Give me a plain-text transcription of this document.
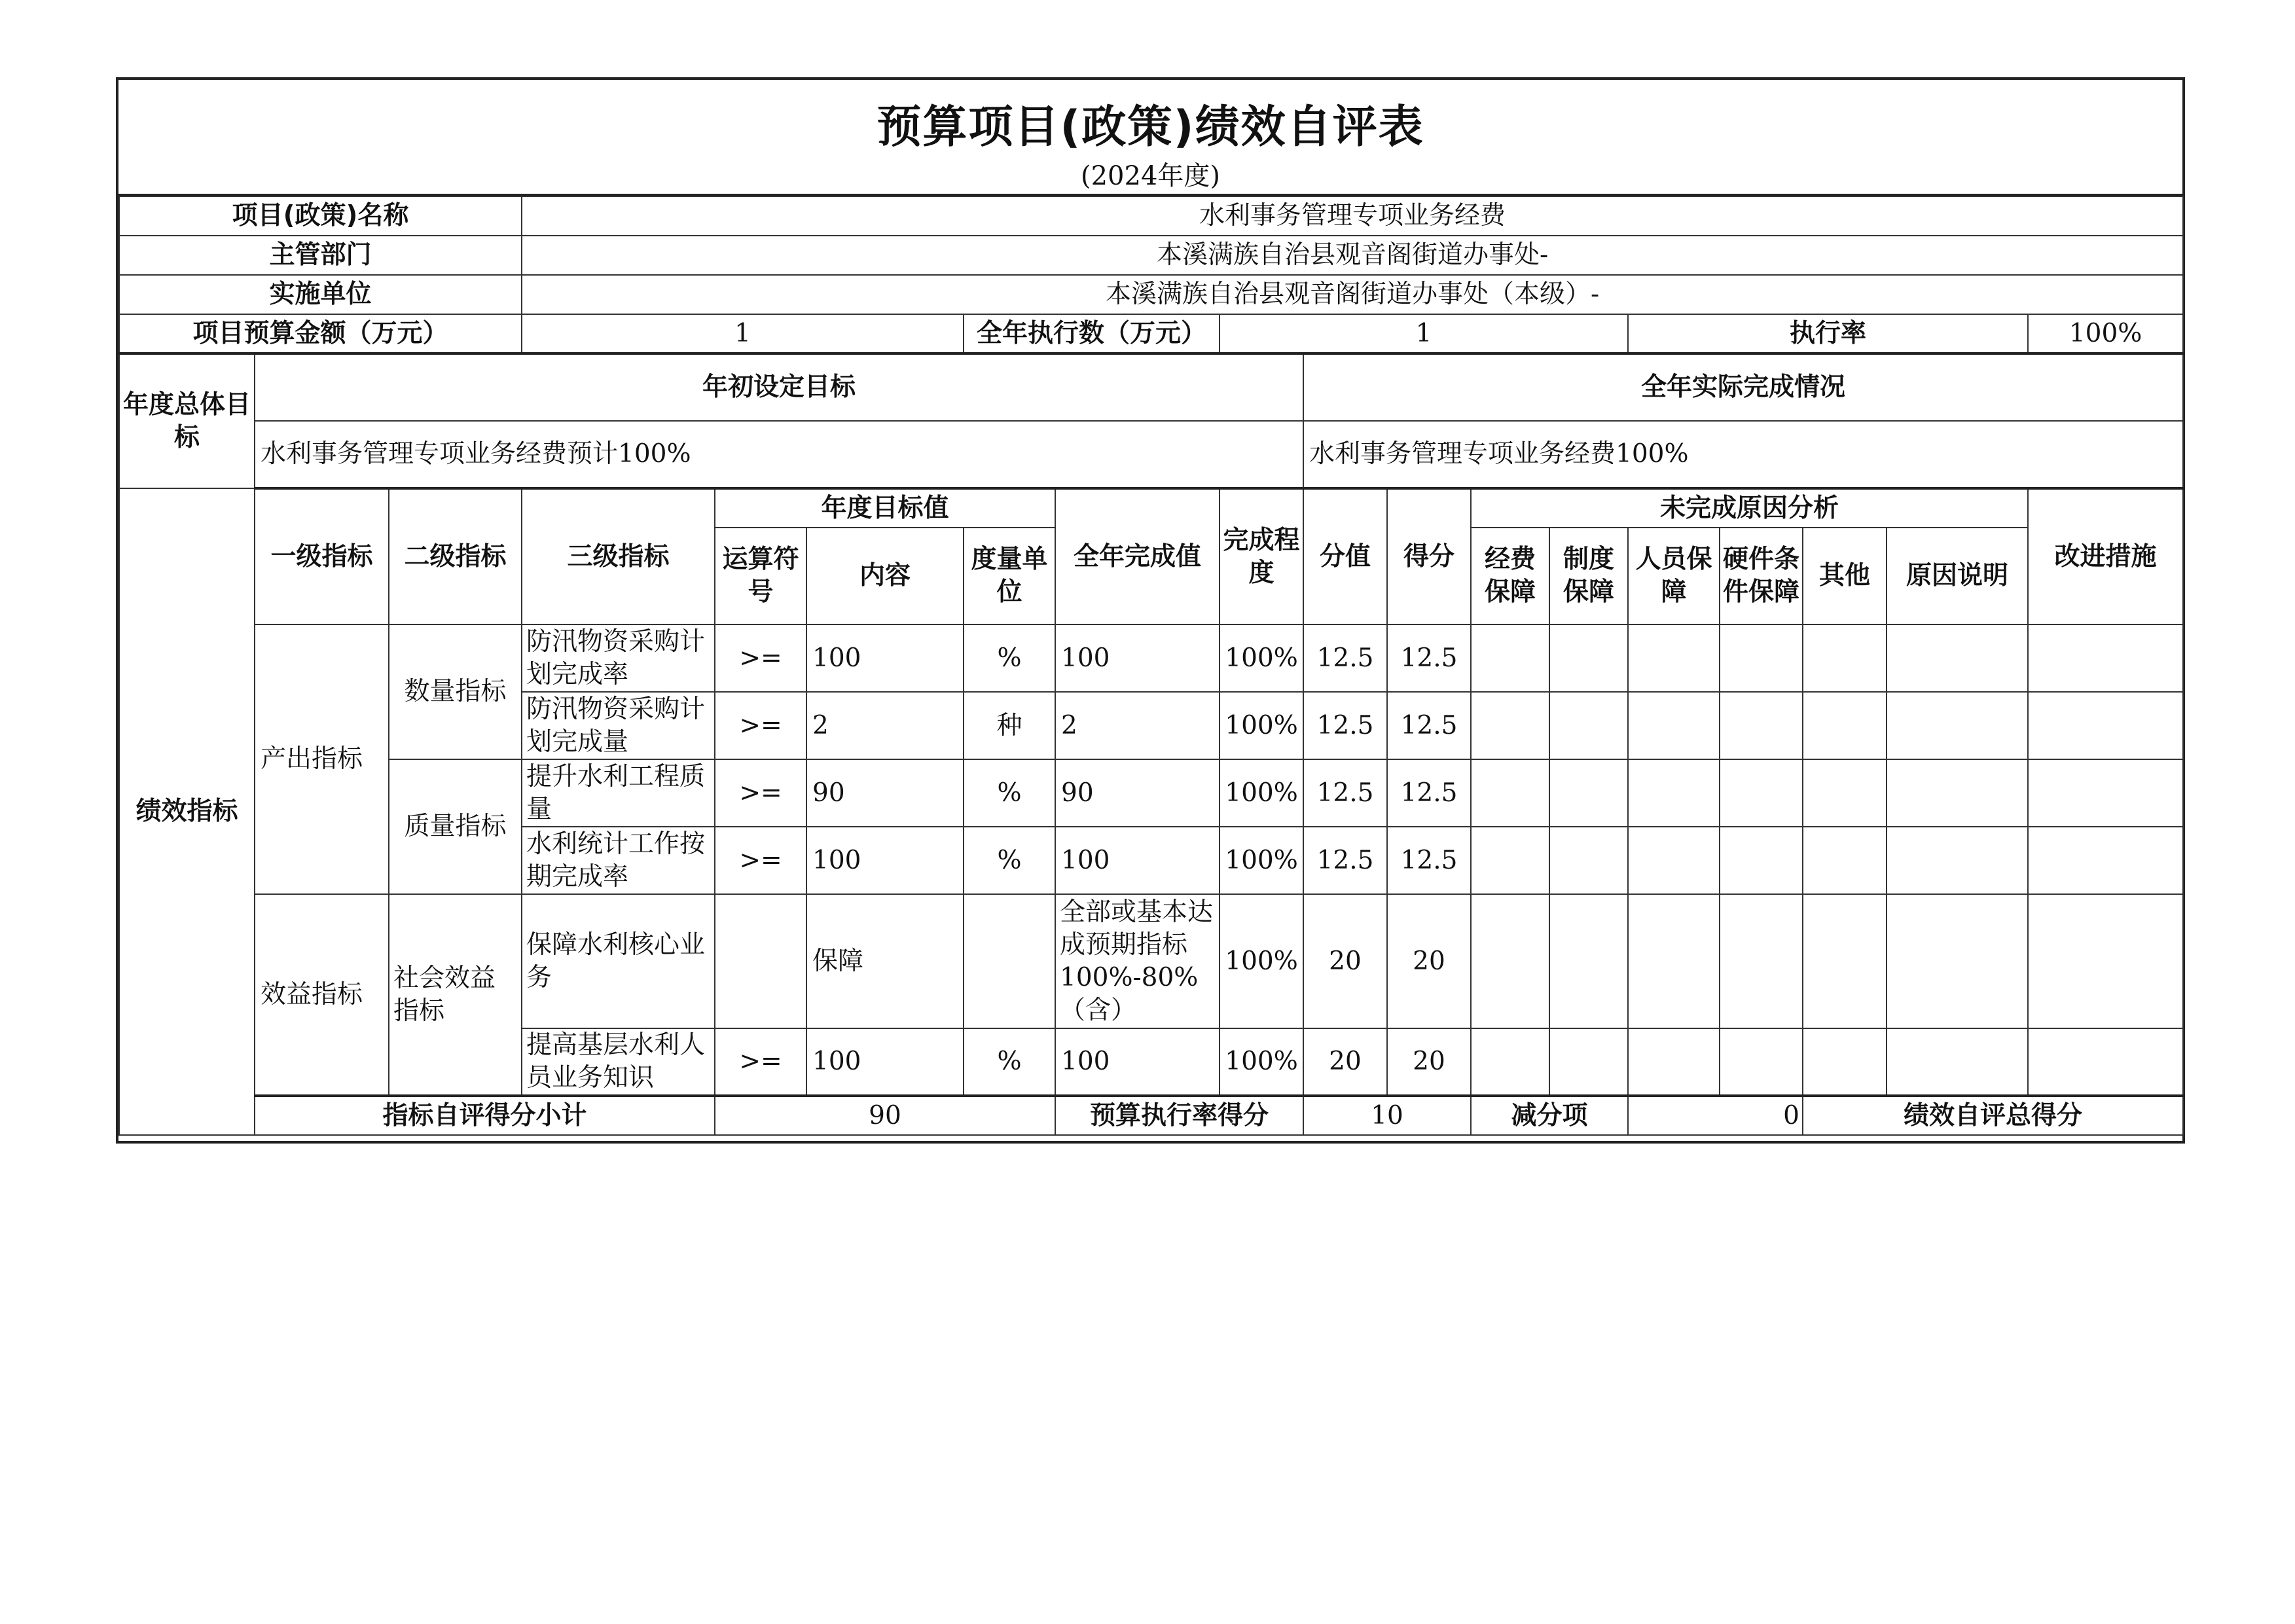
预算项目(政策)绩效自评表
(2024年度)
项目(政策)名称			水利事务管理专项业务经费															
主管部门			本溪满族自治县观音阁街道办事处-															
实施单位			本溪满族自治县观音阁街道办事处（本级）-															
项目预算金额（万元）			1			全年执行数（万元）		1					执行率				100%	
年度总体目标	年初设定目标								全年实际完成情况									
	水利事务管理专项业务经费预计100%								水利事务管理专项业务经费100%									
绩效指标	一级指标	二级指标	三级指标	年度目标值			全年完成值	完成程度	分值	得分	未完成原因分析						改进措施	
				运算符号	内容	度量单位					经费保障	制度保障	人员保障	硬件条件保障	其他	原因说明		
	产出指标	数量指标	防汛物资采购计划完成率	>=	100	%	100	100%	12.5	12.5								
			防汛物资采购计划完成量	>=	2	种	2	100%	12.5	12.5								
		质量指标	提升水利工程质量	>=	90	%	90	100%	12.5	12.5								
			水利统计工作按期完成率	>=	100	%	100	100%	12.5	12.5								
	效益指标	社会效益指标	保障水利核心业务		保障		全部或基本达成预期指标100%-80%（含）	100%	20	20								
			提高基层水利人员业务知识	>=	100	%	100	100%	20	20								
	指标自评得分小计			90			预算执行率得分		10		减分项		0		绩效自评总得分	
